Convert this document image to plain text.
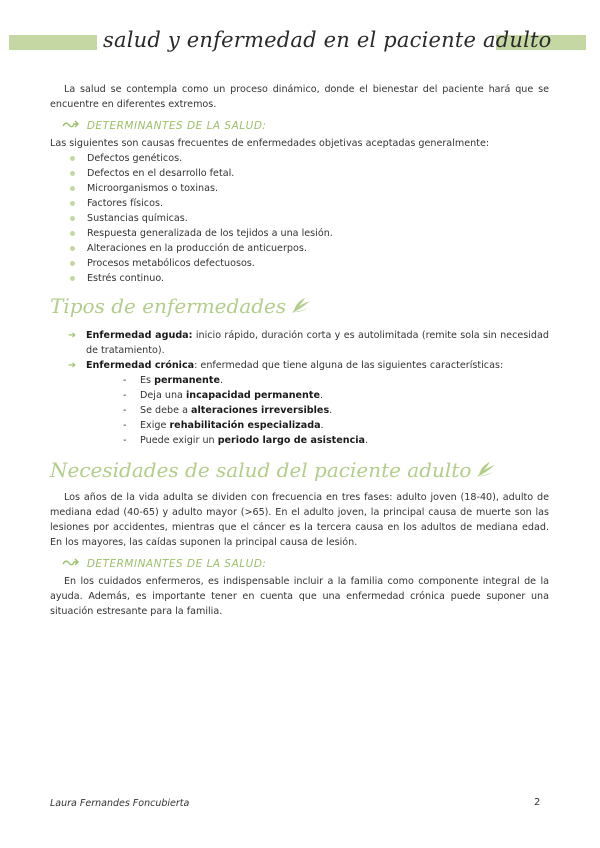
salud y enfermedad en el paciente adulto

La salud se contempla como un proceso dinámico, donde el bienestar del paciente hará que se encuentre en diferentes extremos.

DETERMINANTES DE LA SALUD:

Las siguientes son causas frecuentes de enfermedades objetivas aceptadas generalmente:

Defectos genéticos.
Defectos en el desarrollo fetal.
Microorganismos o toxinas.
Factores físicos.
Sustancias químicas.
Respuesta generalizada de los tejidos a una lesión.
Alteraciones en la producción de anticuerpos.
Procesos metabólicos defectuosos.
Estrés continuo.
Tipos de enfermedades
➔ Enfermedad aguda: inicio rápido, duración corta y es autolimitada (remite sola sin necesidad de tratamiento).
➔ Enfermedad crónica: enfermedad que tiene alguna de las siguientes características:
- Es permanente.
- Deja una incapacidad permanente.
- Se debe a alteraciones irreversibles.
- Exige rehabilitación especializada.
- Puede exigir un periodo largo de asistencia.
Necesidades de salud del paciente adulto

Los años de la vida adulta se dividen con frecuencia en tres fases: adulto joven (18-40), adulto de mediana edad (40-65) y adulto mayor (>65). En el adulto joven, la principal causa de muerte son las lesiones por accidentes, mientras que el cáncer es la tercera causa en los adultos de mediana edad. En los mayores, las caídas suponen la principal causa de lesión.

DETERMINANTES DE LA SALUD:

En los cuidados enfermeros, es indispensable incluir a la familia como componente integral de la ayuda. Además, es importante tener en cuenta que una enfermedad crónica puede suponer una situación estresante para la familia.

Laura Fernandes Foncubierta	2
